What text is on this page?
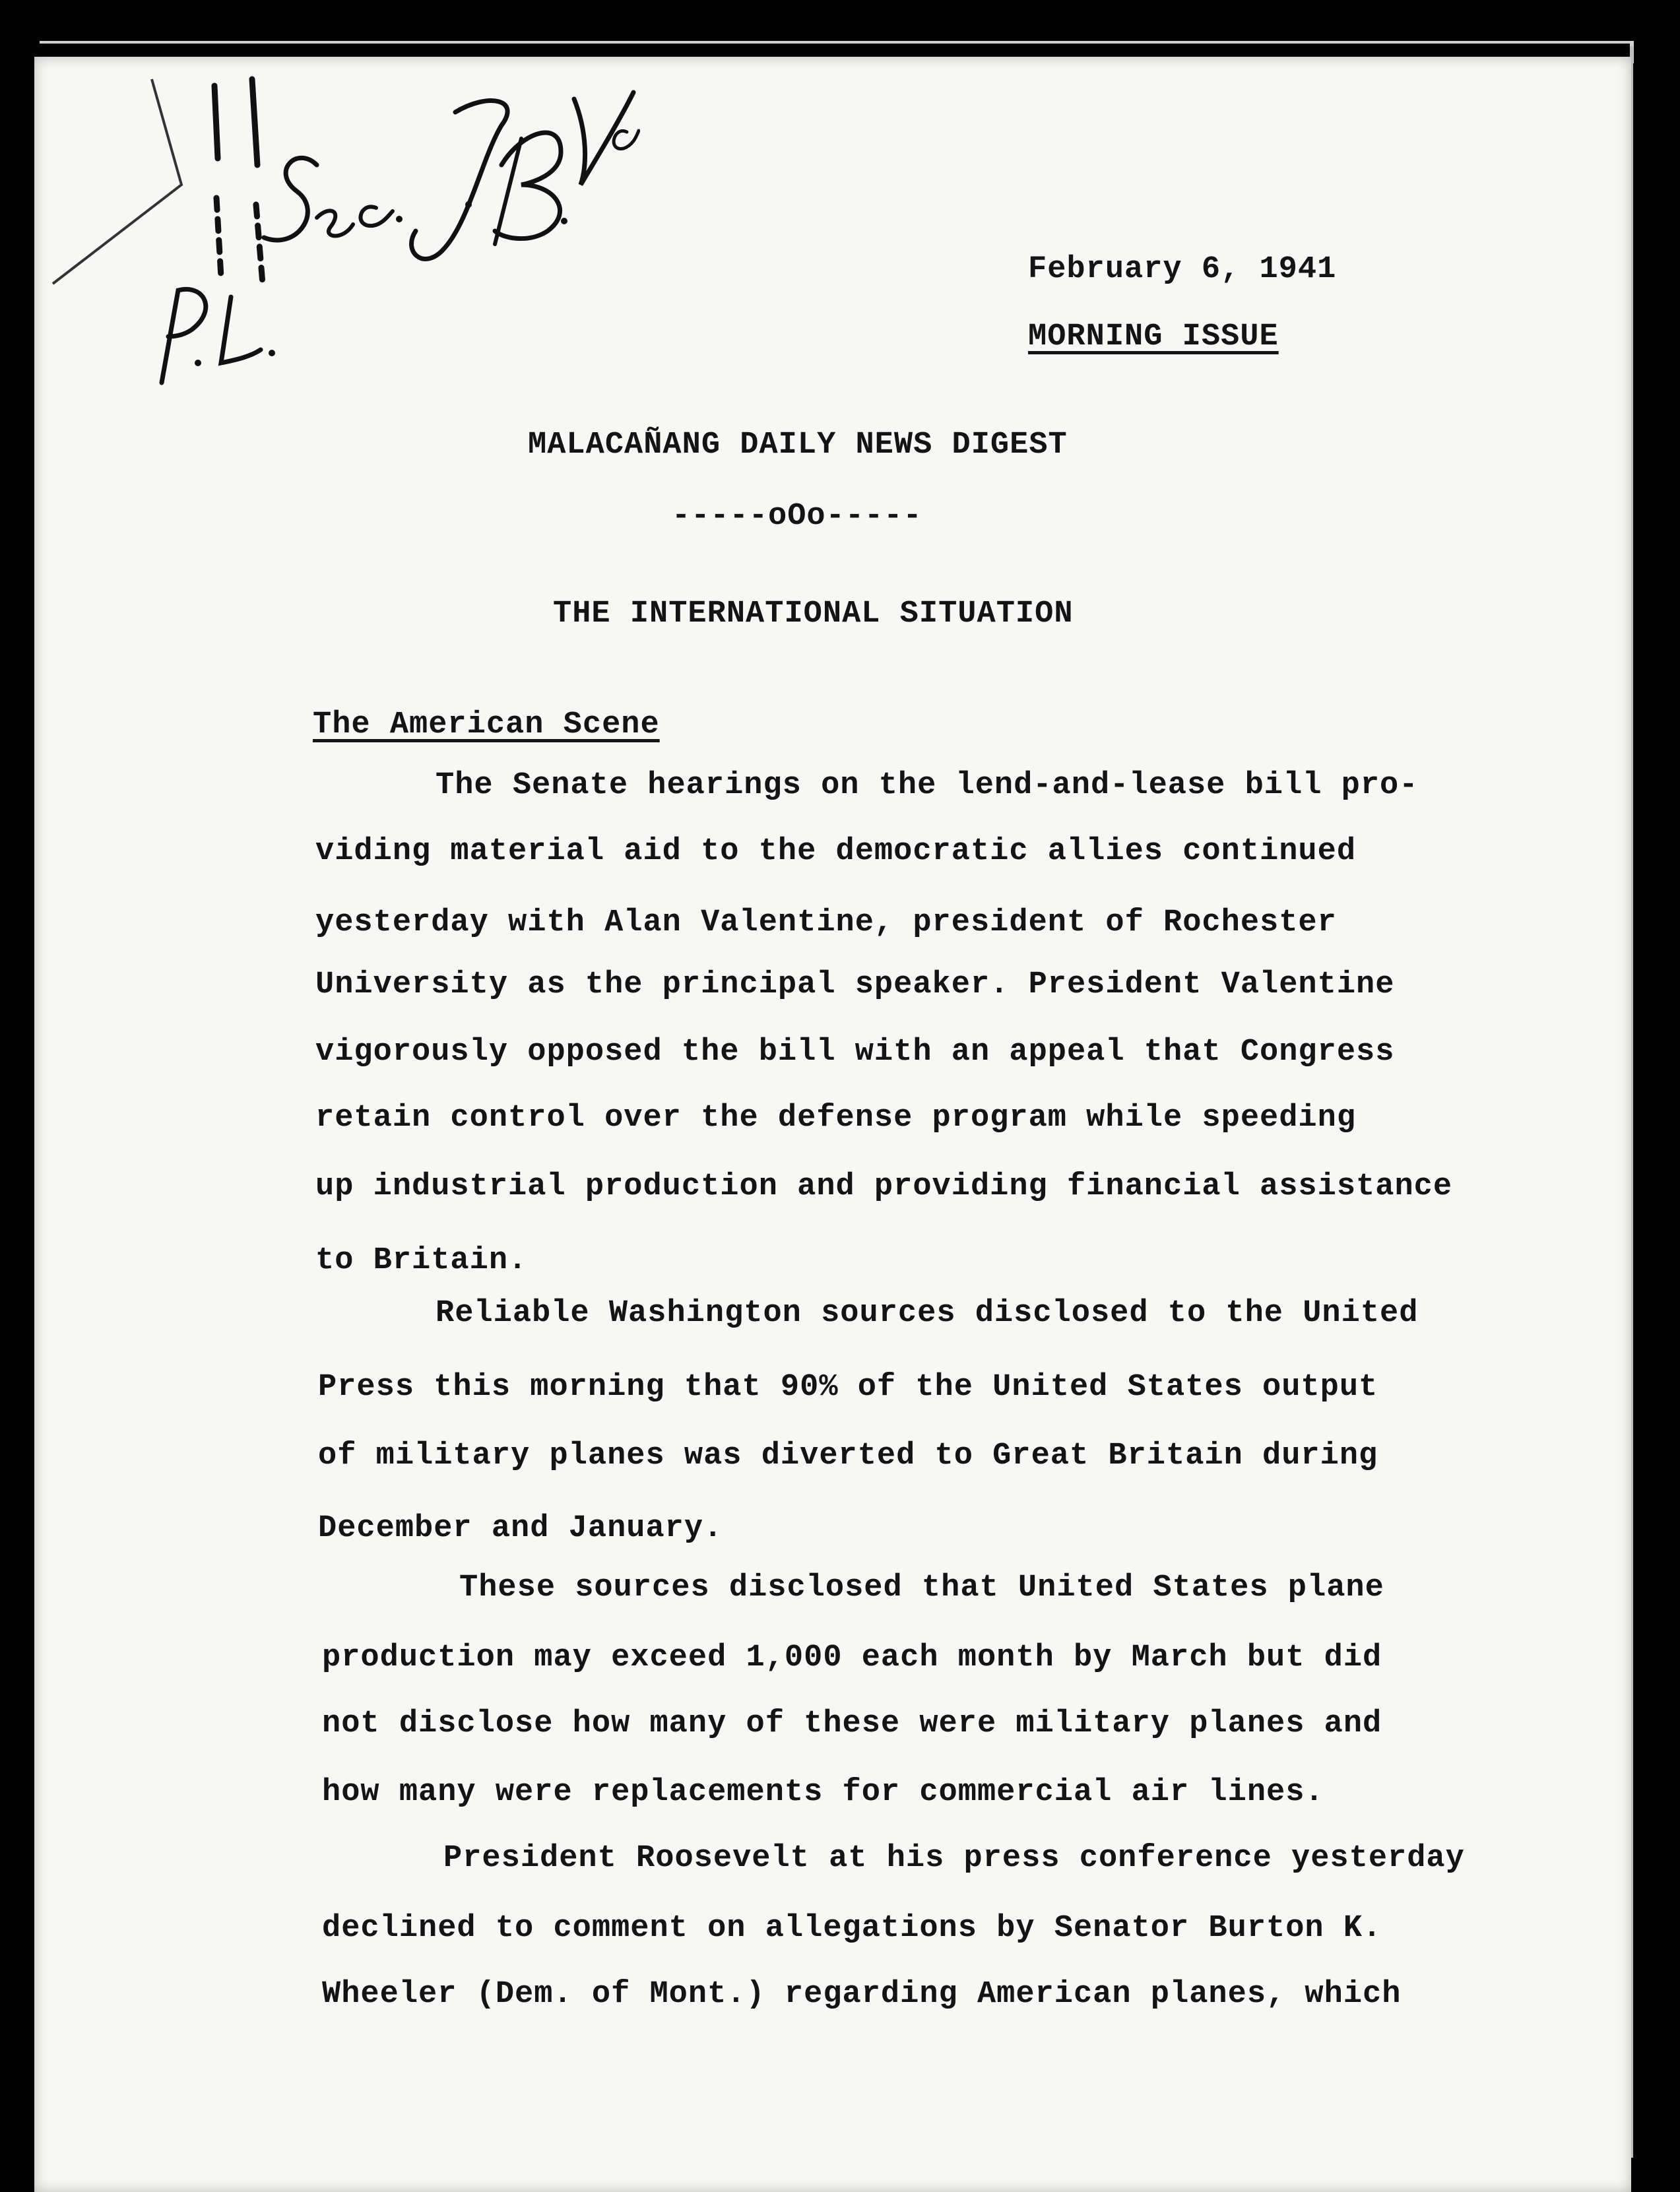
February 6, 1941
MORNING ISSUE
MALACAÑANG DAILY NEWS DIGEST
-----oOo-----
THE INTERNATIONAL SITUATION
The American Scene
The Senate hearings on the lend-and-lease bill pro-
viding material aid to the democratic allies continued
yesterday with Alan Valentine, president of Rochester
University as the principal speaker. President Valentine
vigorously opposed the bill with an appeal that Congress
retain control over the defense program while speeding
up industrial production and providing financial assistance
to Britain.
Reliable Washington sources disclosed to the United
Press this morning that 90% of the United States output
of military planes was diverted to Great Britain during
December and January.
These sources disclosed that United States plane
production may exceed 1,000 each month by March but did
not disclose how many of these were military planes and
how many were replacements for commercial air lines.
President Roosevelt at his press conference yesterday
declined to comment on allegations by Senator Burton K.
Wheeler (Dem. of Mont.) regarding American planes, which
